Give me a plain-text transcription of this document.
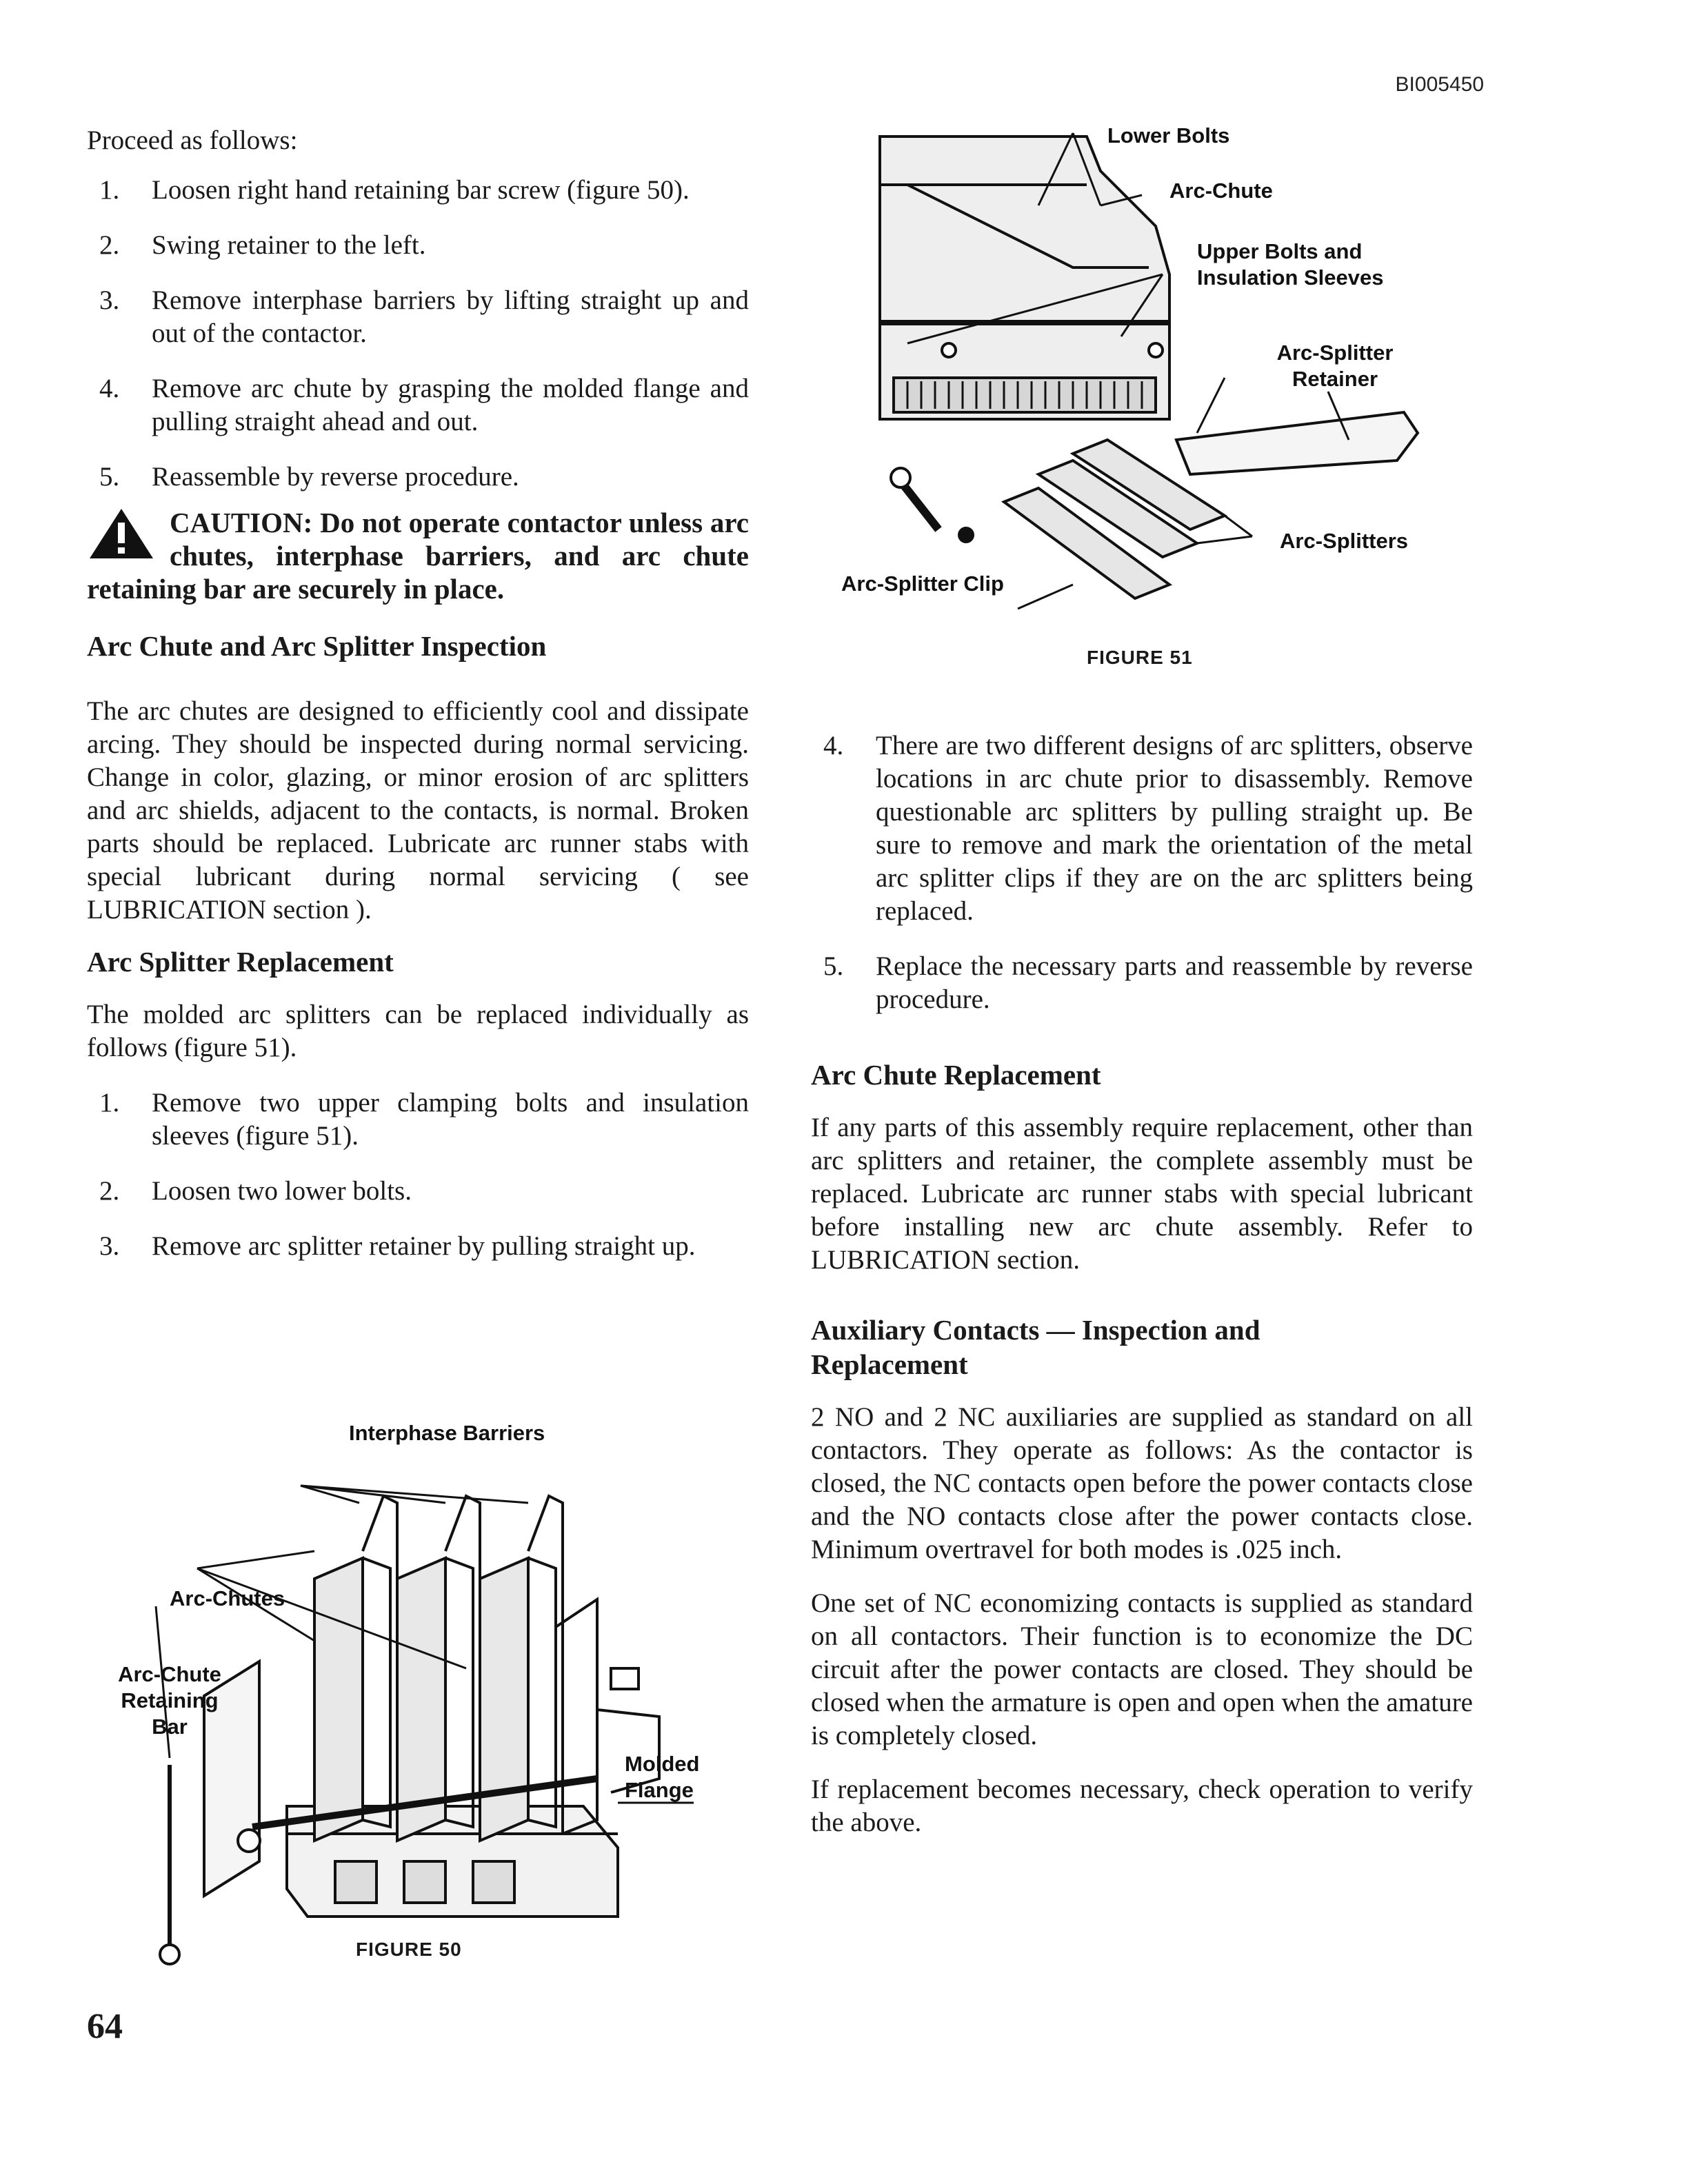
BI005450

Proceed as follows:

1.	Loosen right hand retaining bar screw (figure 50).
2.	Swing retainer to the left.
3.	Remove interphase barriers by lifting straight up and out of the contactor.
4.	Remove arc chute by grasping the molded flange and pulling straight ahead and out.
5.	Reassemble by reverse procedure.
CAUTION: Do not operate contactor unless arc chutes, interphase barriers, and arc chute retaining bar are securely in place.
Arc Chute and Arc Splitter Inspection

The arc chutes are designed to efficiently cool and dissipate arcing. They should be inspected during normal servicing. Change in color, glazing, or minor erosion of arc splitters and arc shields, adjacent to the contacts, is normal. Broken parts should be replaced. Lubricate arc runner stabs with special lubricant during normal servicing ( see LUBRICATION section ).

Arc Splitter Replacement

The molded arc splitters can be replaced individually as follows (figure 51).

1.	Remove two upper clamping bolts and insulation sleeves (figure 51).
2.	Loosen two lower bolts.
3.	Remove arc splitter retainer by pulling straight up.
Interphase Barriers
Arc-Chutes
Arc-Chute Retaining Bar
Molded Flange
FIGURE 50
Lower Bolts
Arc-Chute
Upper Bolts and Insulation Sleeves
Arc-Splitter Retainer
Arc-Splitters
Arc-Splitter Clip
FIGURE 51
4.	There are two different designs of arc splitters, observe locations in arc chute prior to disassembly. Remove questionable arc splitters by pulling straight up. Be sure to remove and mark the orientation of the metal arc splitter clips if they are on the arc splitters being replaced.
5.	Replace the necessary parts and reassemble by reverse procedure.
Arc Chute Replacement

If any parts of this assembly require replacement, other than arc splitters and retainer, the complete assembly must be replaced. Lubricate arc runner stabs with special lubricant before installing new arc chute assembly. Refer to LUBRICATION section.

Auxiliary Contacts — Inspection and Replacement

2 NO and 2 NC auxiliaries are supplied as standard on all contactors. They operate as follows: As the contactor is closed, the NC contacts open before the power contacts close and the NO contacts close after the power contacts close. Minimum overtravel for both modes is .025 inch.

One set of NC economizing contacts is supplied as standard on all contactors. Their function is to economize the DC circuit after the power contacts are closed. They should be closed when the armature is open and open when the amature is completely closed.

If replacement becomes necessary, check operation to verify the above.

64
